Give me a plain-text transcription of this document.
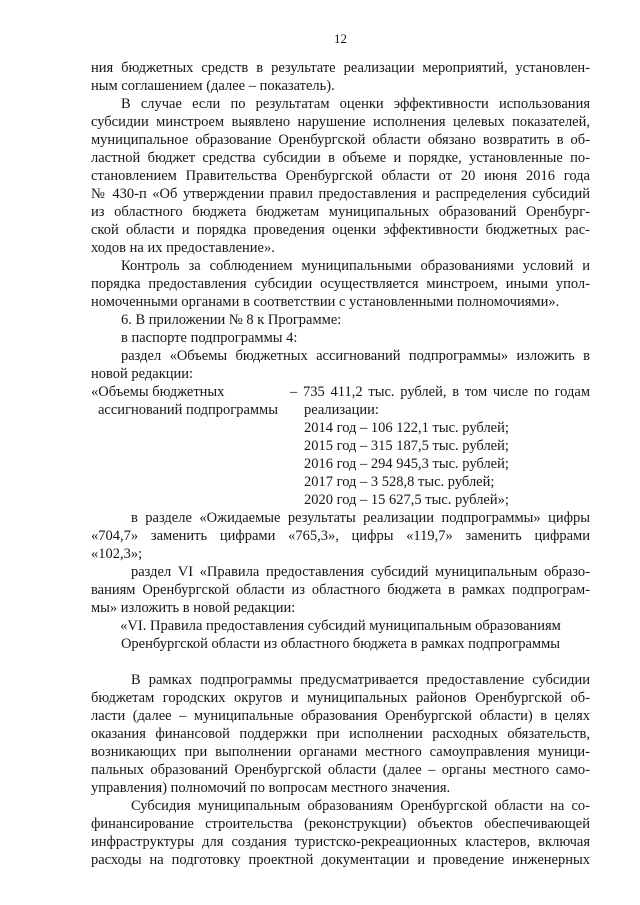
12
ния бюджетных средств в результате реализации мероприятий, установлен-
ным соглашением (далее – показатель).
В случае если по результатам оценки эффективности использования
субсидии минстроем выявлено нарушение исполнения целевых показателей,
муниципальное образование Оренбургской области обязано возвратить в об-
ластной бюджет средства субсидии в объеме и порядке, установленные по-
становлением Правительства Оренбургской области от 20 июня 2016 года
№ 430-п «Об утверждении правил предоставления и распределения субсидий
из областного бюджета бюджетам муниципальных образований Оренбург-
ской области и порядка проведения оценки эффективности бюджетных рас-
ходов на их предоставление».
Контроль за соблюдением муниципальными образованиями условий и
порядка предоставления субсидии осуществляется минстроем, иными упол-
номоченными органами в соответствии с установленными полномочиями».
6. В приложении № 8 к Программе:
в паспорте подпрограммы 4:
раздел «Объемы бюджетных ассигнований подпрограммы» изложить в
новой редакции:
«Объемы бюджетных
ассигнований подпрограммы
– 735 411,2 тыс. рублей, в том числе по годам
реализации:
2014 год – 106 122,1 тыс. рублей;
2015 год – 315 187,5 тыс. рублей;
2016 год – 294 945,3 тыс. рублей;
2017 год – 3 528,8 тыс. рублей;
2020 год – 15 627,5 тыс. рублей»;
в разделе «Ожидаемые результаты реализации подпрограммы» цифры
«704,7» заменить цифрами «765,3», цифры «119,7» заменить цифрами
«102,3»;
раздел VI «Правила предоставления субсидий муниципальным образо-
ваниям Оренбургской области из областного бюджета в рамках подпрограм-
мы» изложить в новой редакции:
«VI. Правила предоставления субсидий муниципальным образованиям
Оренбургской области из областного бюджета в рамках подпрограммы
В рамках подпрограммы предусматривается предоставление субсидии
бюджетам городских округов и муниципальных районов Оренбургской об-
ласти (далее – муниципальные образования Оренбургской области) в целях
оказания финансовой поддержки при исполнении расходных обязательств,
возникающих при выполнении органами местного самоуправления муници-
пальных образований Оренбургской области (далее – органы местного само-
управления) полномочий по вопросам местного значения.
Субсидия муниципальным образованиям Оренбургской области на со-
финансирование строительства (реконструкции) объектов обеспечивающей
инфраструктуры для создания туристско-рекреационных кластеров, включая
расходы на подготовку проектной документации и проведение инженерных
